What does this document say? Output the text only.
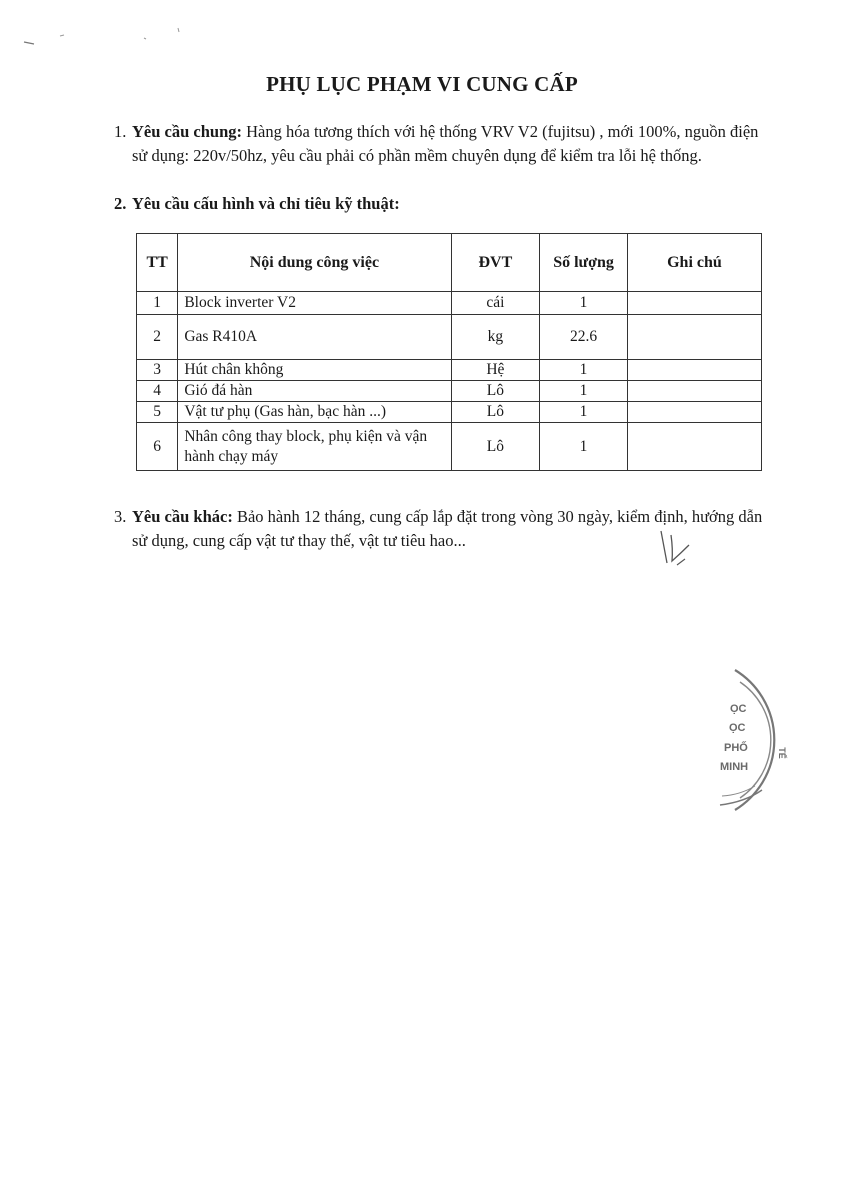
PHỤ LỤC PHẠM VI CUNG CẤP
1. Yêu cầu chung: Hàng hóa tương thích với hệ thống VRV V2 (fujitsu) , mới 100%, nguồn điện sử dụng: 220v/50hz, yêu cầu phải có phần mềm chuyên dụng để kiểm tra lỗi hệ thống.
2. Yêu cầu cấu hình và chỉ tiêu kỹ thuật:
TT	Nội dung công việc	ĐVT	Số lượng	Ghi chú
1	Block inverter V2	cái	1	
2	Gas R410A	kg	22.6	
3	Hút chân không	Hệ	1	
4	Gió đá hàn	Lô	1	
5	Vật tư phụ (Gas hàn, bạc hàn ...)	Lô	1	
6	Nhân công thay block, phụ kiện và vận hành chạy máy	Lô	1	
3. Yêu cầu khác: Bảo hành 12 tháng, cung cấp lắp đặt trong vòng 30 ngày, kiểm định, hướng dẫn sử dụng, cung cấp vật tư thay thế, vật tư tiêu hao...
ỌC
ỌC
PHỐ
MINH
TẾ
